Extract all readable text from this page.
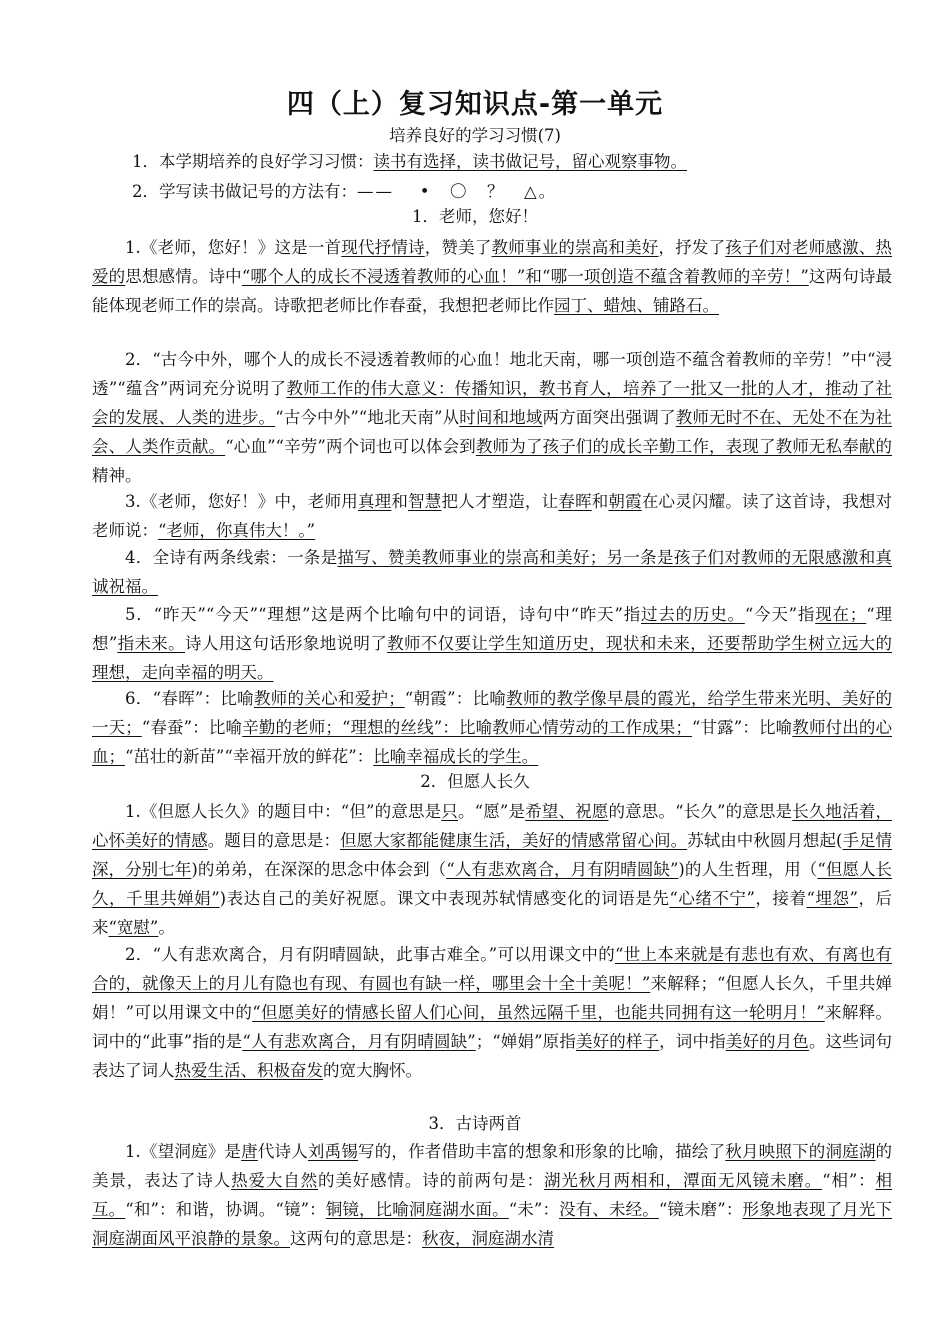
四（上）复习知识点-第一单元
培养良好的学习习惯(7)
1．本学期培养的良好学习习惯：读书有选择，读书做记号，留心观察事物。
2．学写读书做记号的方法有：——　 •　〇　？　△。
1．老师，您好！
1.《老师，您好！》这是一首现代抒情诗，赞美了教师事业的崇高和美好，抒发了孩子们对老师感激、热爱的思想感情。诗中“哪个人的成长不浸透着教师的心血！”和“哪一项创造不蕴含着教师的辛劳！”这两句诗最能体现老师工作的崇高。诗歌把老师比作春蚕，我想把老师比作园丁、蜡烛、铺路石。
2．“古今中外，哪个人的成长不浸透着教师的心血！地北天南，哪一项创造不蕴含着教师的辛劳！”中“浸透”“蕴含”两词充分说明了教师工作的伟大意义：传播知识，教书育人，培养了一批又一批的人才，推动了社会的发展、人类的进步。“古今中外”“地北天南”从时间和地域两方面突出强调了教师无时不在、无处不在为社会、人类作贡献。“心血”“辛劳”两个词也可以体会到教师为了孩子们的成长辛勤工作，表现了教师无私奉献的精神。
3.《老师，您好！》中，老师用真理和智慧把人才塑造，让春晖和朝霞在心灵闪耀。读了这首诗，我想对老师说：“老师，你真伟大！。”
4．全诗有两条线索：一条是描写、赞美教师事业的崇高和美好；另一条是孩子们对教师的无限感激和真诚祝福。
5．“昨天”“今天”“理想”这是两个比喻句中的词语，诗句中“昨天”指过去的历史。“今天”指现在；“理想”指未来。诗人用这句话形象地说明了教师不仅要让学生知道历史，现状和未来，还要帮助学生树立远大的理想，走向幸福的明天。
6．“春晖”：比喻教师的关心和爱护；“朝霞”：比喻教师的教学像早晨的霞光，给学生带来光明、美好的一天；“春蚕”：比喻辛勤的老师；“理想的丝线”：比喻教师心情劳动的工作成果；“甘露”：比喻教师付出的心血；“茁壮的新苗”“幸福开放的鲜花”：比喻幸福成长的学生。
2．但愿人长久
1.《但愿人长久》的题目中：“但”的意思是只。“愿”是希望、祝愿的意思。“长久”的意思是长久地活着，心怀美好的情感。题目的意思是：但愿大家都能健康生活，美好的情感常留心间。苏轼由中秋圆月想起(手足情深，分别七年)的弟弟，在深深的思念中体会到（“人有悲欢离合，月有阴晴圆缺”)的人生哲理，用（“但愿人长久，千里共婵娟”)表达自己的美好祝愿。课文中表现苏轼情感变化的词语是先“心绪不宁”，接着“埋怨”，后来“宽慰”。
2．“人有悲欢离合，月有阴晴圆缺，此事古难全。”可以用课文中的“世上本来就是有悲也有欢、有离也有合的，就像天上的月儿有隐也有现、有圆也有缺一样，哪里会十全十美呢！”来解释；“但愿人长久，千里共婵娟！”可以用课文中的“但愿美好的情感长留人们心间，虽然远隔千里，也能共同拥有这一轮明月！”来解释。词中的“此事”指的是“人有悲欢离合，月有阴晴圆缺”；“婵娟”原指美好的样子，词中指美好的月色。这些词句表达了词人热爱生活、积极奋发的宽大胸怀。
3．古诗两首
1.《望洞庭》是唐代诗人刘禹锡写的，作者借助丰富的想象和形象的比喻，描绘了秋月映照下的洞庭湖的美景，表达了诗人热爱大自然的美好感情。诗的前两句是：湖光秋月两相和，潭面无风镜未磨。“相”：相互。“和”：和谐，协调。“镜”：铜镜，比喻洞庭湖水面。“未”：没有、未经。“镜未磨”：形象地表现了月光下洞庭湖面风平浪静的景象。这两句的意思是：秋夜，洞庭湖水清
